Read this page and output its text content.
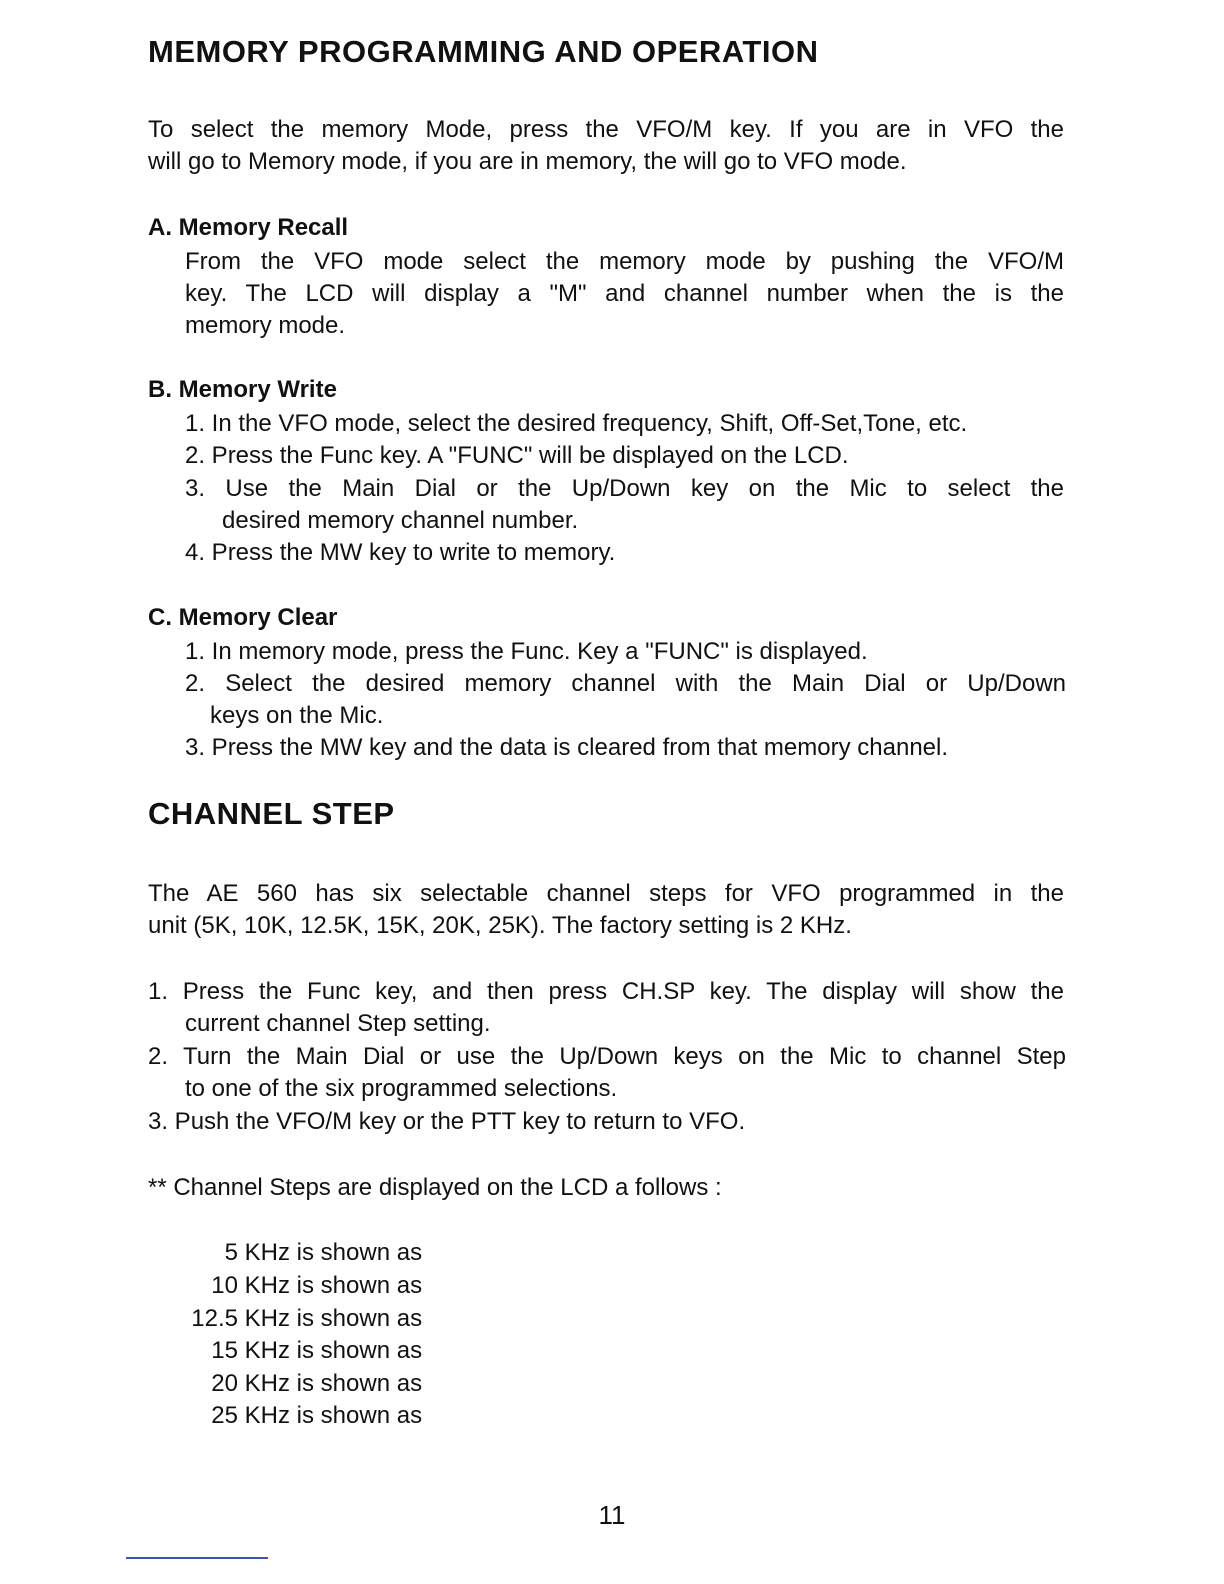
MEMORY PROGRAMMING AND OPERATION

To select the memory Mode, press the VFO/M key. If you are in VFO the

will go to Memory mode, if you are in memory, the will go to VFO mode.

A. Memory Recall

From the VFO mode select the memory mode by pushing the VFO/M

key. The LCD will display a "M" and channel number when the is the

memory mode.

B. Memory Write

1. In the VFO mode, select the desired frequency, Shift, Off-Set,Tone, etc.

2. Press the Func key. A "FUNC" will be displayed on the LCD.

3. Use the Main Dial or the Up/Down key on the Mic to select the

desired memory channel number.

4. Press the MW key to write to memory.

C. Memory Clear

1. In memory mode, press the Func. Key a "FUNC" is displayed.

2. Select the desired memory channel with the Main Dial or Up/Down

keys on the Mic.

3. Press the MW key and the data is cleared from that memory channel.

CHANNEL STEP

The AE 560 has six selectable channel steps for VFO programmed in the

unit (5K, 10K, 12.5K, 15K, 20K, 25K). The factory setting is 2 KHz.

1. Press the Func key, and then press CH.SP key. The display will show the

current channel Step setting.

2. Turn the Main Dial or use the Up/Down keys on the Mic to channel Step

to one of the six programmed selections.

3. Push the VFO/M key or the PTT key to return to VFO.

** Channel Steps are displayed on the LCD a follows :

5 KHz is shown as
10 KHz is shown as
12.5 KHz is shown as
15 KHz is shown as
20 KHz is shown as
25 KHz is shown as
11
